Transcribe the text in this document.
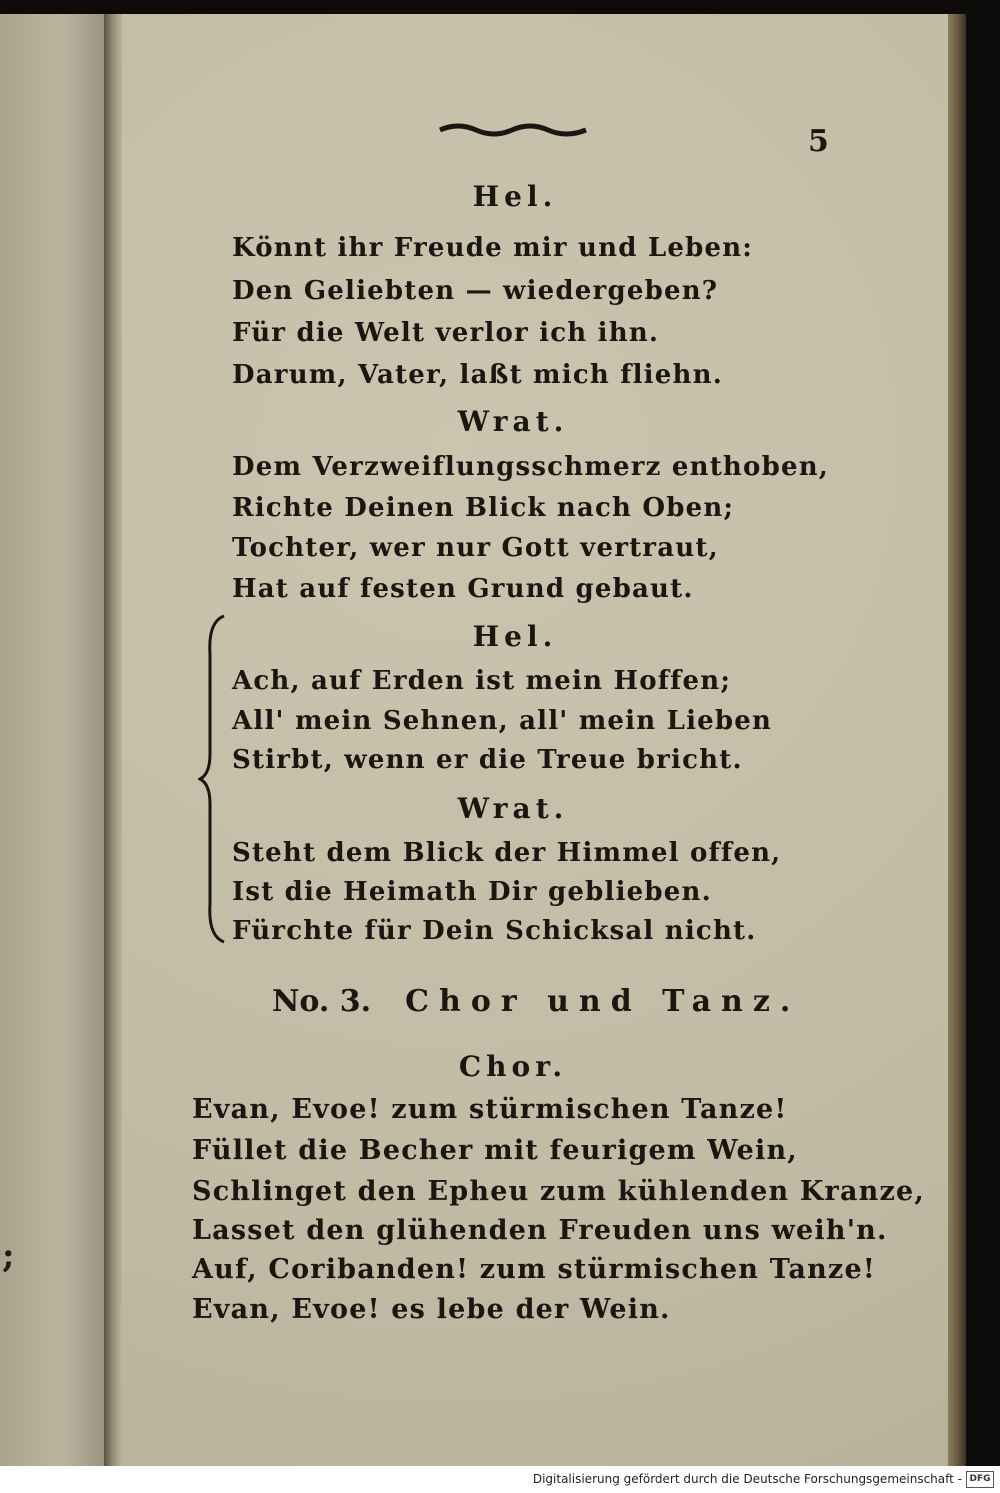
;
5
Hel.
Könnt ihr Freude mir und Leben:
Den Geliebten — wiedergeben?
Für die Welt verlor ich ihn.
Darum, Vater, laßt mich fliehn.
Wrat.
Dem Verzweiflungsschmerz enthoben,
Richte Deinen Blick nach Oben;
Tochter, wer nur Gott vertraut,
Hat auf festen Grund gebaut.
Hel.
Ach, auf Erden ist mein Hoffen;
All' mein Sehnen, all' mein Lieben
Stirbt, wenn er die Treue bricht.
Wrat.
Steht dem Blick der Himmel offen,
Ist die Heimath Dir geblieben.
Fürchte für Dein Schicksal nicht.
No. 3. Chor und Tanz.
Chor.
Evan, Evoe! zum stürmischen Tanze!
Füllet die Becher mit feurigem Wein,
Schlinget den Epheu zum kühlenden Kranze,
Lasset den glühenden Freuden uns weih'n.
Auf, Coribanden! zum stürmischen Tanze!
Evan, Evoe! es lebe der Wein.
Digitalisierung gefördert durch die Deutsche Forschungsgemeinschaft - DFG
